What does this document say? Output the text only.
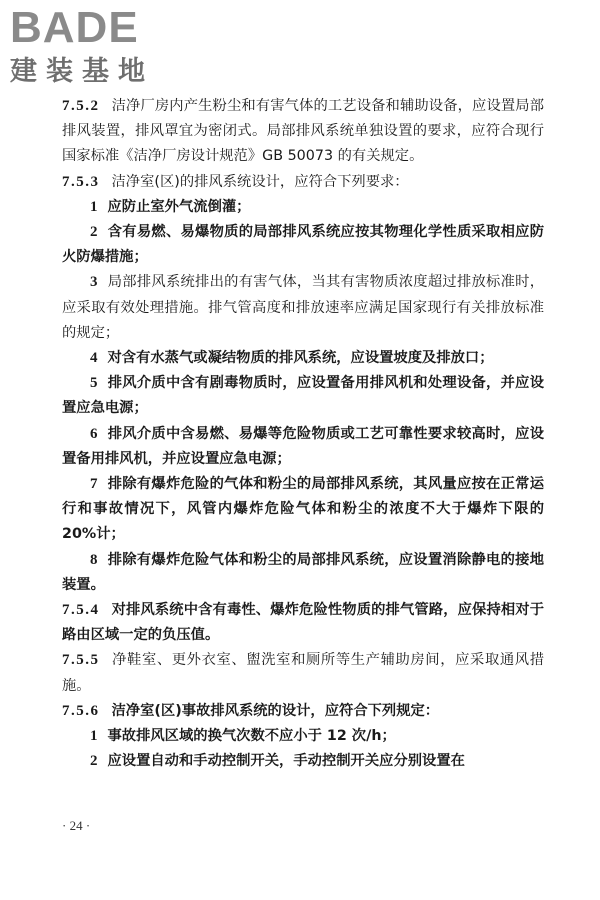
BADE
建装基地

7.5.2 洁净厂房内产生粉尘和有害气体的工艺设备和辅助设备，应设置局部排风装置，排风罩宜为密闭式。局部排风系统单独设置的要求，应符合现行国家标准《洁净厂房设计规范》GB 50073 的有关规定。

7.5.3 洁净室(区)的排风系统设计，应符合下列要求：

1 应防止室外气流倒灌；

2 含有易燃、易爆物质的局部排风系统应按其物理化学性质采取相应防火防爆措施；

3 局部排风系统排出的有害气体，当其有害物质浓度超过排放标准时，应采取有效处理措施。排气管高度和排放速率应满足国家现行有关排放标准的规定；

4 对含有水蒸气或凝结物质的排风系统，应设置坡度及排放口；

5 排风介质中含有剧毒物质时，应设置备用排风机和处理设备，并应设置应急电源；

6 排风介质中含易燃、易爆等危险物质或工艺可靠性要求较高时，应设置备用排风机，并应设置应急电源；

7 排除有爆炸危险的气体和粉尘的局部排风系统，其风量应按在正常运行和事故情况下，风管内爆炸危险气体和粉尘的浓度不大于爆炸下限的 20%计；

8 排除有爆炸危险气体和粉尘的局部排风系统，应设置消除静电的接地装置。

7.5.4 对排风系统中含有毒性、爆炸危险性物质的排气管路，应保持相对于路由区域一定的负压值。

7.5.5 净鞋室、更外衣室、盥洗室和厕所等生产辅助房间，应采取通风措施。

7.5.6 洁净室(区)事故排风系统的设计，应符合下列规定：

1 事故排风区域的换气次数不应小于 12 次/h；

2 应设置自动和手动控制开关，手动控制开关应分别设置在

· 24 ·
